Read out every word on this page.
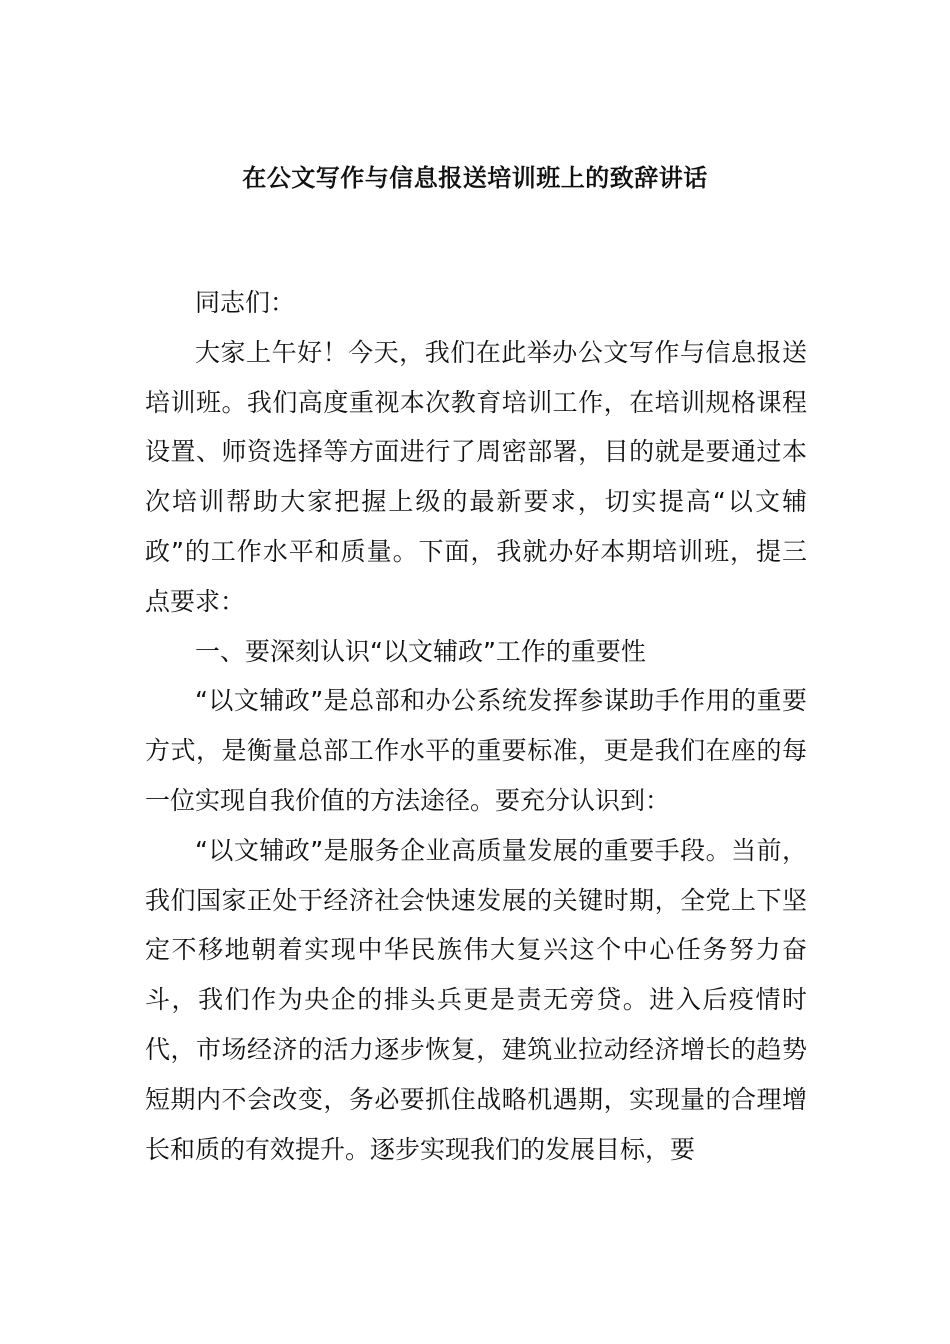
在公文写作与信息报送培训班上的致辞讲话

同志们：

大家上午好！今天，我们在此举办公文写作与信息报送培训班。我们高度重视本次教育培训工作，在培训规格课程设置、师资选择等方面进行了周密部署，目的就是要通过本次培训帮助大家把握上级的最新要求，切实提高“以文辅政”的工作水平和质量。下面，我就办好本期培训班，提三点要求：

一、要深刻认识“以文辅政”工作的重要性

“以文辅政”是总部和办公系统发挥参谋助手作用的重要方式，是衡量总部工作水平的重要标准，更是我们在座的每一位实现自我价值的方法途径。要充分认识到：

“以文辅政”是服务企业高质量发展的重要手段。当前，我们国家正处于经济社会快速发展的关键时期，全党上下坚定不移地朝着实现中华民族伟大复兴这个中心任务努力奋斗，我们作为央企的排头兵更是责无旁贷。进入后疫情时代，市场经济的活力逐步恢复，建筑业拉动经济增长的趋势短期内不会改变，务必要抓住战略机遇期，实现量的合理增长和质的有效提升。逐步实现我们的发展目标，要
